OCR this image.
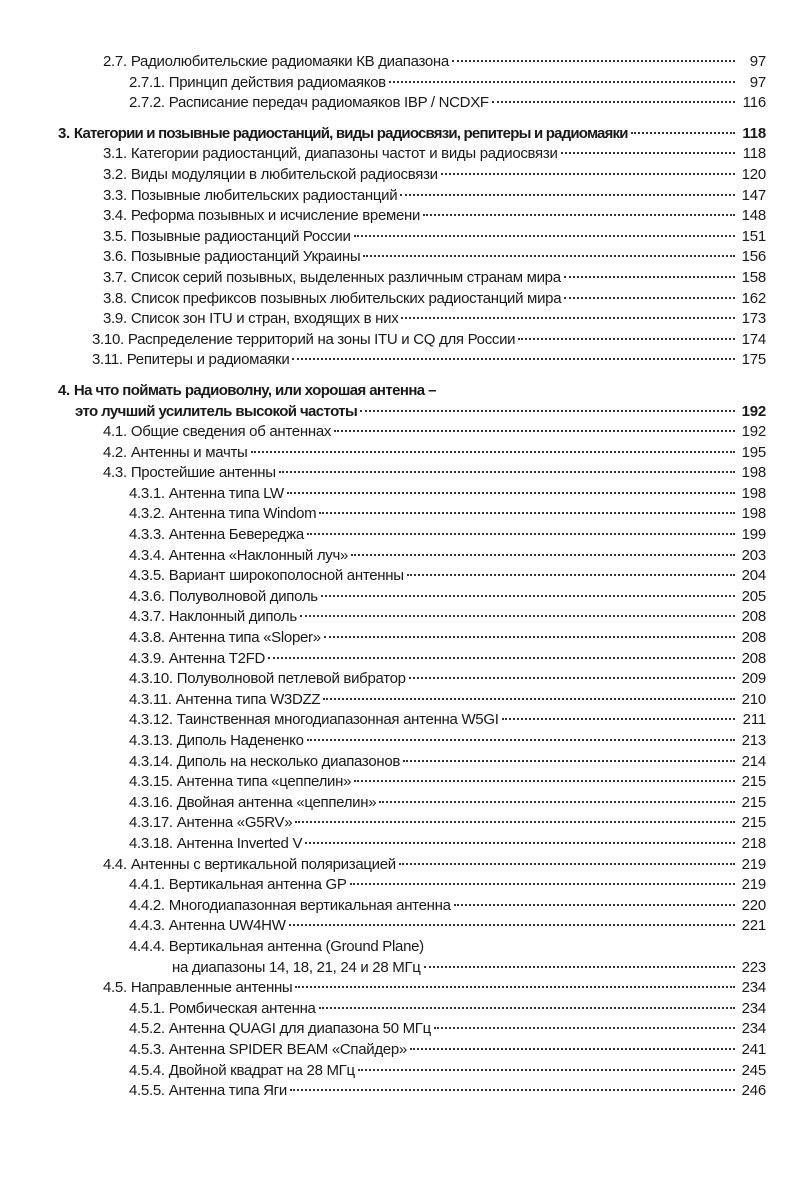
2.7. Радиолюбительские радиомаяки КВ диапазона	97
2.7.1. Принцип действия радиомаяков	97
2.7.2. Расписание передач радиомаяков IBP / NCDXF	116
3. Категории и позывные радиостанций, виды радиосвязи, репитеры и радиомаяки	118
3.1. Категории радиостанций, диапазоны частот и виды радиосвязи	118
3.2. Виды модуляции в любительской радиосвязи	120
3.3. Позывные любительских радиостанций	147
3.4. Реформа позывных и исчисление времени	148
3.5. Позывные радиостанций России	151
3.6. Позывные радиостанций Украины	156
3.7. Список серий позывных, выделенных различным странам мира	158
3.8. Список префиксов позывных любительских радиостанций мира	162
3.9. Список зон ITU и стран, входящих в них	173
3.10. Распределение территорий на зоны ITU и CQ для России	174
3.11. Репитеры и радиомаяки	175
4. На что поймать радиоволну, или хорошая антенна –
это лучший усилитель высокой частоты	192
4.1. Общие сведения об антеннах	192
4.2. Антенны и мачты	195
4.3. Простейшие антенны	198
4.3.1. Антенна типа LW	198
4.3.2. Антенна типа Windom	198
4.3.3. Антенна Бевереджа	199
4.3.4. Антенна «Наклонный луч»	203
4.3.5. Вариант широкополосной антенны	204
4.3.6. Полуволновой диполь	205
4.3.7. Наклонный диполь	208
4.3.8. Антенна типа «Sloper»	208
4.3.9. Антенна T2FD	208
4.3.10. Полуволновой петлевой вибратор	209
4.3.11. Антенна типа W3DZZ	210
4.3.12. Таинственная многодиапазонная антенна W5GI	211
4.3.13. Диполь Надененко	213
4.3.14. Диполь на несколько диапазонов	214
4.3.15. Антенна типа «цеппелин»	215
4.3.16. Двойная антенна «цеппелин»	215
4.3.17. Антенна «G5RV»	215
4.3.18. Антенна Inverted V	218
4.4. Антенны с вертикальной поляризацией	219
4.4.1. Вертикальная антенна GP	219
4.4.2. Многодиапазонная вертикальная антенна	220
4.4.3. Антенна UW4HW	221
4.4.4. Вертикальная антенна (Ground Plane)
на диапазоны 14, 18, 21, 24 и 28 МГц	223
4.5. Направленные антенны	234
4.5.1. Ромбическая антенна	234
4.5.2. Антенна QUAGI для диапазона 50 МГц	234
4.5.3. Антенна SPIDER BEAM «Спайдер»	241
4.5.4. Двойной квадрат на 28 МГц	245
4.5.5. Антенна типа Яги	246
